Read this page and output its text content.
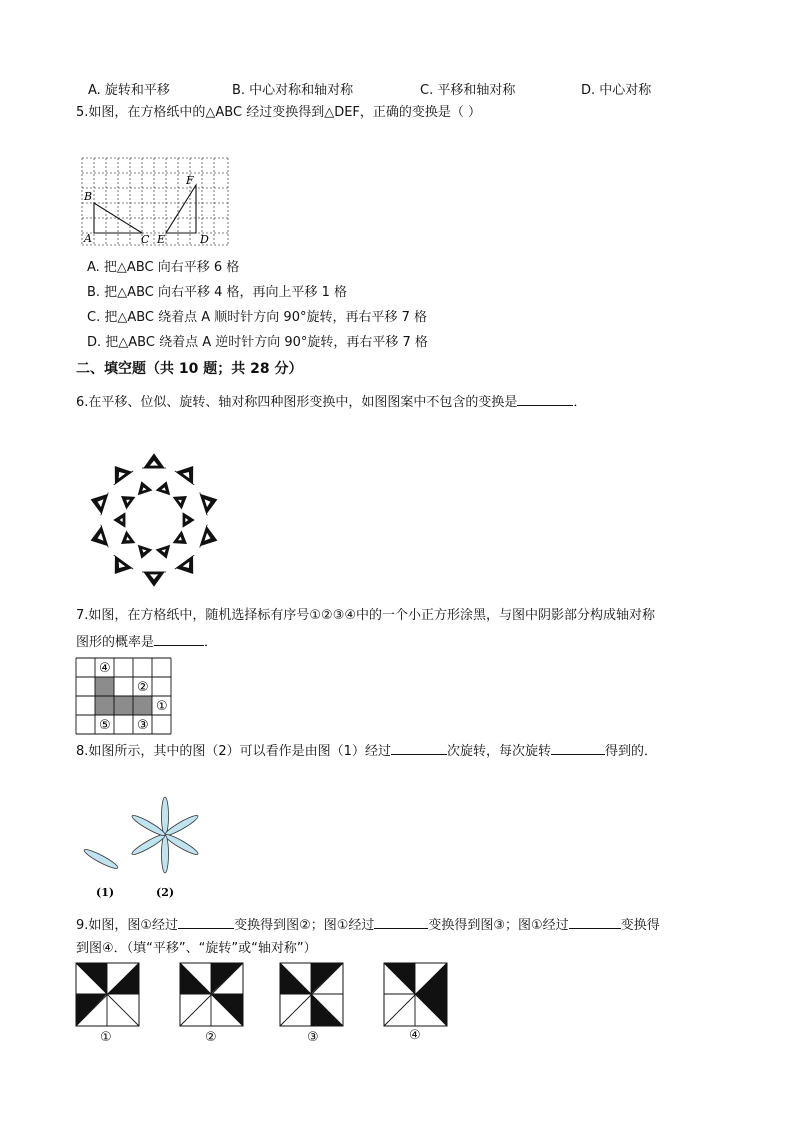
A. 旋转和平移	B. 中心对称和轴对称	C. 平移和轴对称	D. 中心对称
5.如图，在方格纸中的△ABC 经过变换得到△DEF，正确的变换是（ ）
B
A	C E	D
F
A. 把△ABC 向右平移 6 格
B. 把△ABC 向右平移 4 格，再向上平移 1 格
C. 把△ABC 绕着点 A 顺时针方向 90°旋转，再右平移 7 格
D. 把△ABC 绕着点 A 逆时针方向 90°旋转，再右平移 7 格
二、填空题（共 10 题；共 28 分）
6.在平移、位似、旋转、轴对称四种图形变换中，如图图案中不包含的变换是	．
7.如图，在方格纸中，随机选择标有序号①②③④中的一个小正方形涂黑，与图中阴影部分构成轴对称
图形的概率是	．
④
②
①
⑤ ③
8.如图所示，其中的图（2）可以看作是由图（1）经过	次旋转，每次旋转	得到的．
(1)	(2)
9.如图，图①经过	变换得到图②；图①经过	变换得到图③；图①经过	变换得
到图④．（填“平移”、“旋转”或“轴对称”）
①	②	③	④
